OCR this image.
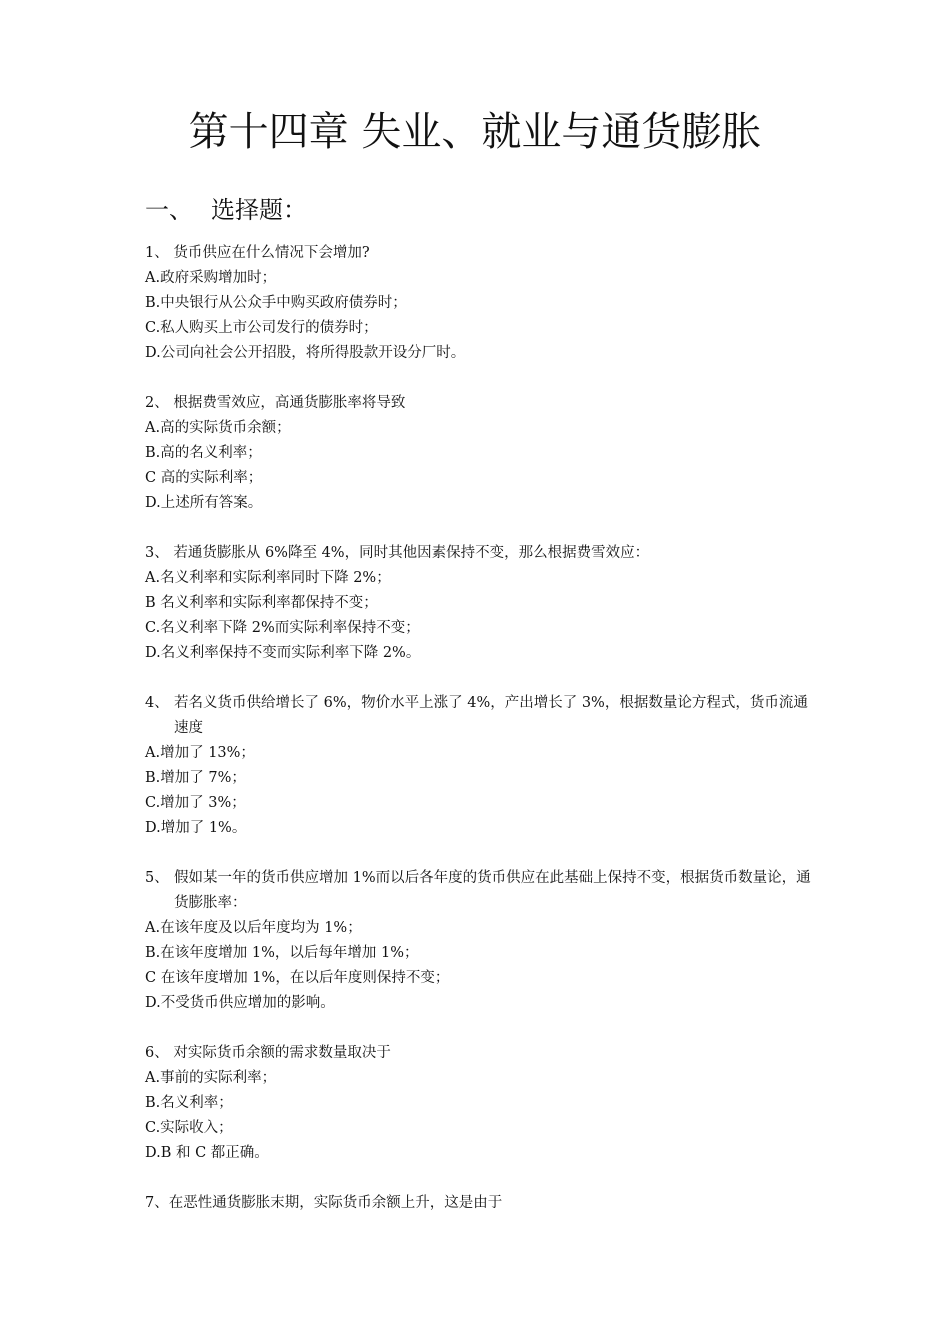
第十四章 失业、就业与通货膨胀
一、 选择题：
1、 货币供应在什么情况下会增加?
A.政府采购增加时；
B.中央银行从公众手中购买政府债券时；
C.私人购买上市公司发行的债券时；
D.公司向社会公开招股，将所得股款开设分厂时。
2、 根据费雪效应，高通货膨胀率将导致
A.高的实际货币余额；
B.高的名义利率；
C 高的实际利率；
D.上述所有答案。
3、 若通货膨胀从 6%降至 4%，同时其他因素保持不变，那么根据费雪效应：
A.名义利率和实际利率同时下降 2%；
B 名义利率和实际利率都保持不变；
C.名义利率下降 2%而实际利率保持不变；
D.名义利率保持不变而实际利率下降 2%。
4、 若名义货币供给增长了 6%，物价水平上涨了 4%，产出增长了 3%，根据数量论方程式，货币流通速度
A.增加了 13%；
B.增加了 7%；
C.增加了 3%；
D.增加了 1%。
5、 假如某一年的货币供应增加 1%而以后各年度的货币供应在此基础上保持不变，根据货币数量论，通货膨胀率：
A.在该年度及以后年度均为 1%；
B.在该年度增加 1%，以后每年增加 1%；
C 在该年度增加 1%，在以后年度则保持不变；
D.不受货币供应增加的影响。
6、 对实际货币余额的需求数量取决于
A.事前的实际利率；
B.名义利率；
C.实际收入；
D.B 和 C 都正确。
7、 在恶性通货膨胀末期，实际货币余额上升，这是由于
